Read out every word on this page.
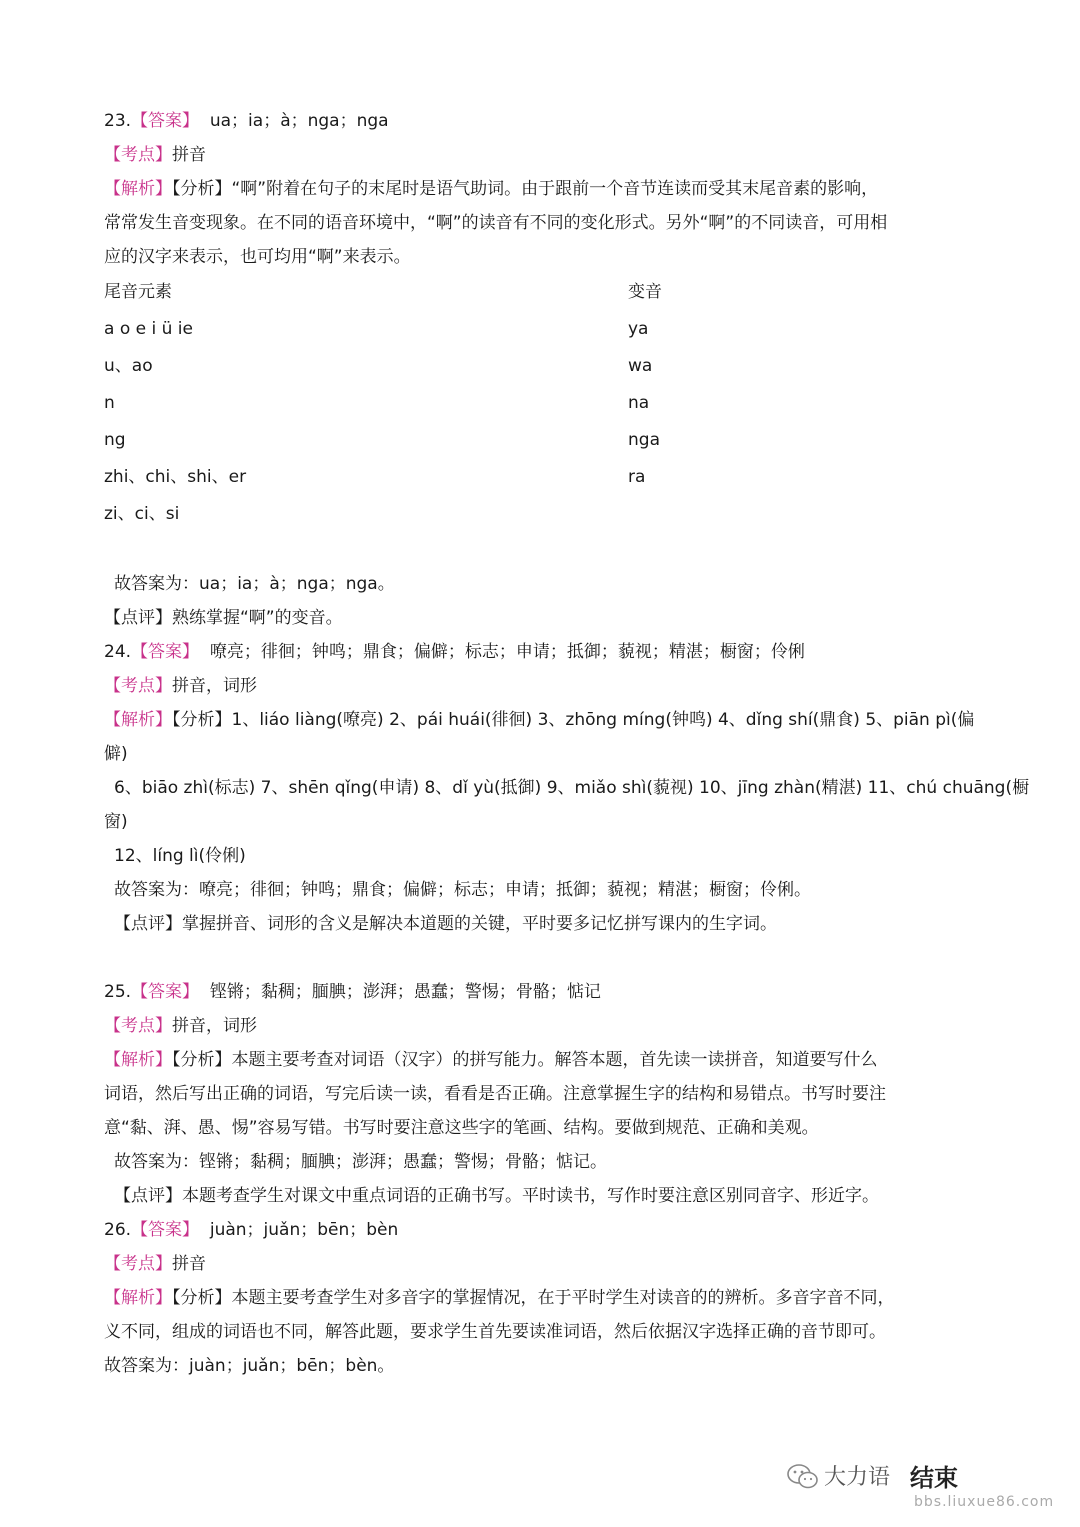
23.【答案】 ua；ia；à；nga；nga
【考点】拼音
【解析】【分析】“啊”附着在句子的末尾时是语气助词。由于跟前一个音节连读而受其末尾音素的影响，
常常发生音变现象。在不同的语音环境中，“啊”的读音有不同的变化形式。另外“啊”的不同读音，可用相
应的汉字来表示，也可均用“啊”来表示。
尾音元素	变音
a o e i ü ie	ya
u、ao	wa
n	na
ng	nga
zhi、chi、shi、er	ra
zi、ci、si
故答案为：ua；ia；à；nga；nga。
【点评】熟练掌握“啊”的变音。
24.【答案】 嘹亮；徘徊；钟鸣；鼎食；偏僻；标志；申请；抵御；藐视；精湛；橱窗；伶俐
【考点】拼音，词形
【解析】【分析】1、liáo liàng(嘹亮) 2、pái huái(徘徊) 3、zhōng míng(钟鸣) 4、dǐng shí(鼎食) 5、piān pì(偏
僻)
6、biāo zhì(标志) 7、shēn qǐng(申请) 8、dǐ yù(抵御) 9、miǎo shì(藐视) 10、jīng zhàn(精湛) 11、chú chuāng(橱
窗)
12、líng lì(伶俐)
故答案为：嘹亮；徘徊；钟鸣；鼎食；偏僻；标志；申请；抵御；藐视；精湛；橱窗；伶俐。
【点评】掌握拼音、词形的含义是解决本道题的关键，平时要多记忆拼写课内的生字词。
25.【答案】 铿锵；黏稠；腼腆；澎湃；愚蠢；警惕；骨骼；惦记
【考点】拼音，词形
【解析】【分析】本题主要考查对词语（汉字）的拼写能力。解答本题，首先读一读拼音，知道要写什么
词语，然后写出正确的词语，写完后读一读，看看是否正确。注意掌握生字的结构和易错点。书写时要注
意“黏、湃、愚、惕”容易写错。书写时要注意这些字的笔画、结构。要做到规范、正确和美观。
故答案为：铿锵；黏稠；腼腆；澎湃；愚蠢；警惕；骨骼；惦记。
【点评】本题考查学生对课文中重点词语的正确书写。平时读书，写作时要注意区别同音字、形近字。
26.【答案】 juàn；juǎn；bēn；bèn
【考点】拼音
【解析】【分析】本题主要考查学生对多音字的掌握情况，在于平时学生对读音的的辨析。多音字音不同，
义不同，组成的词语也不同，解答此题，要求学生首先要读准词语，然后依据汉字选择正确的音节即可。
故答案为：juàn；juǎn；bēn；bèn。
大力语 结束
bbs.liuxue86.com
